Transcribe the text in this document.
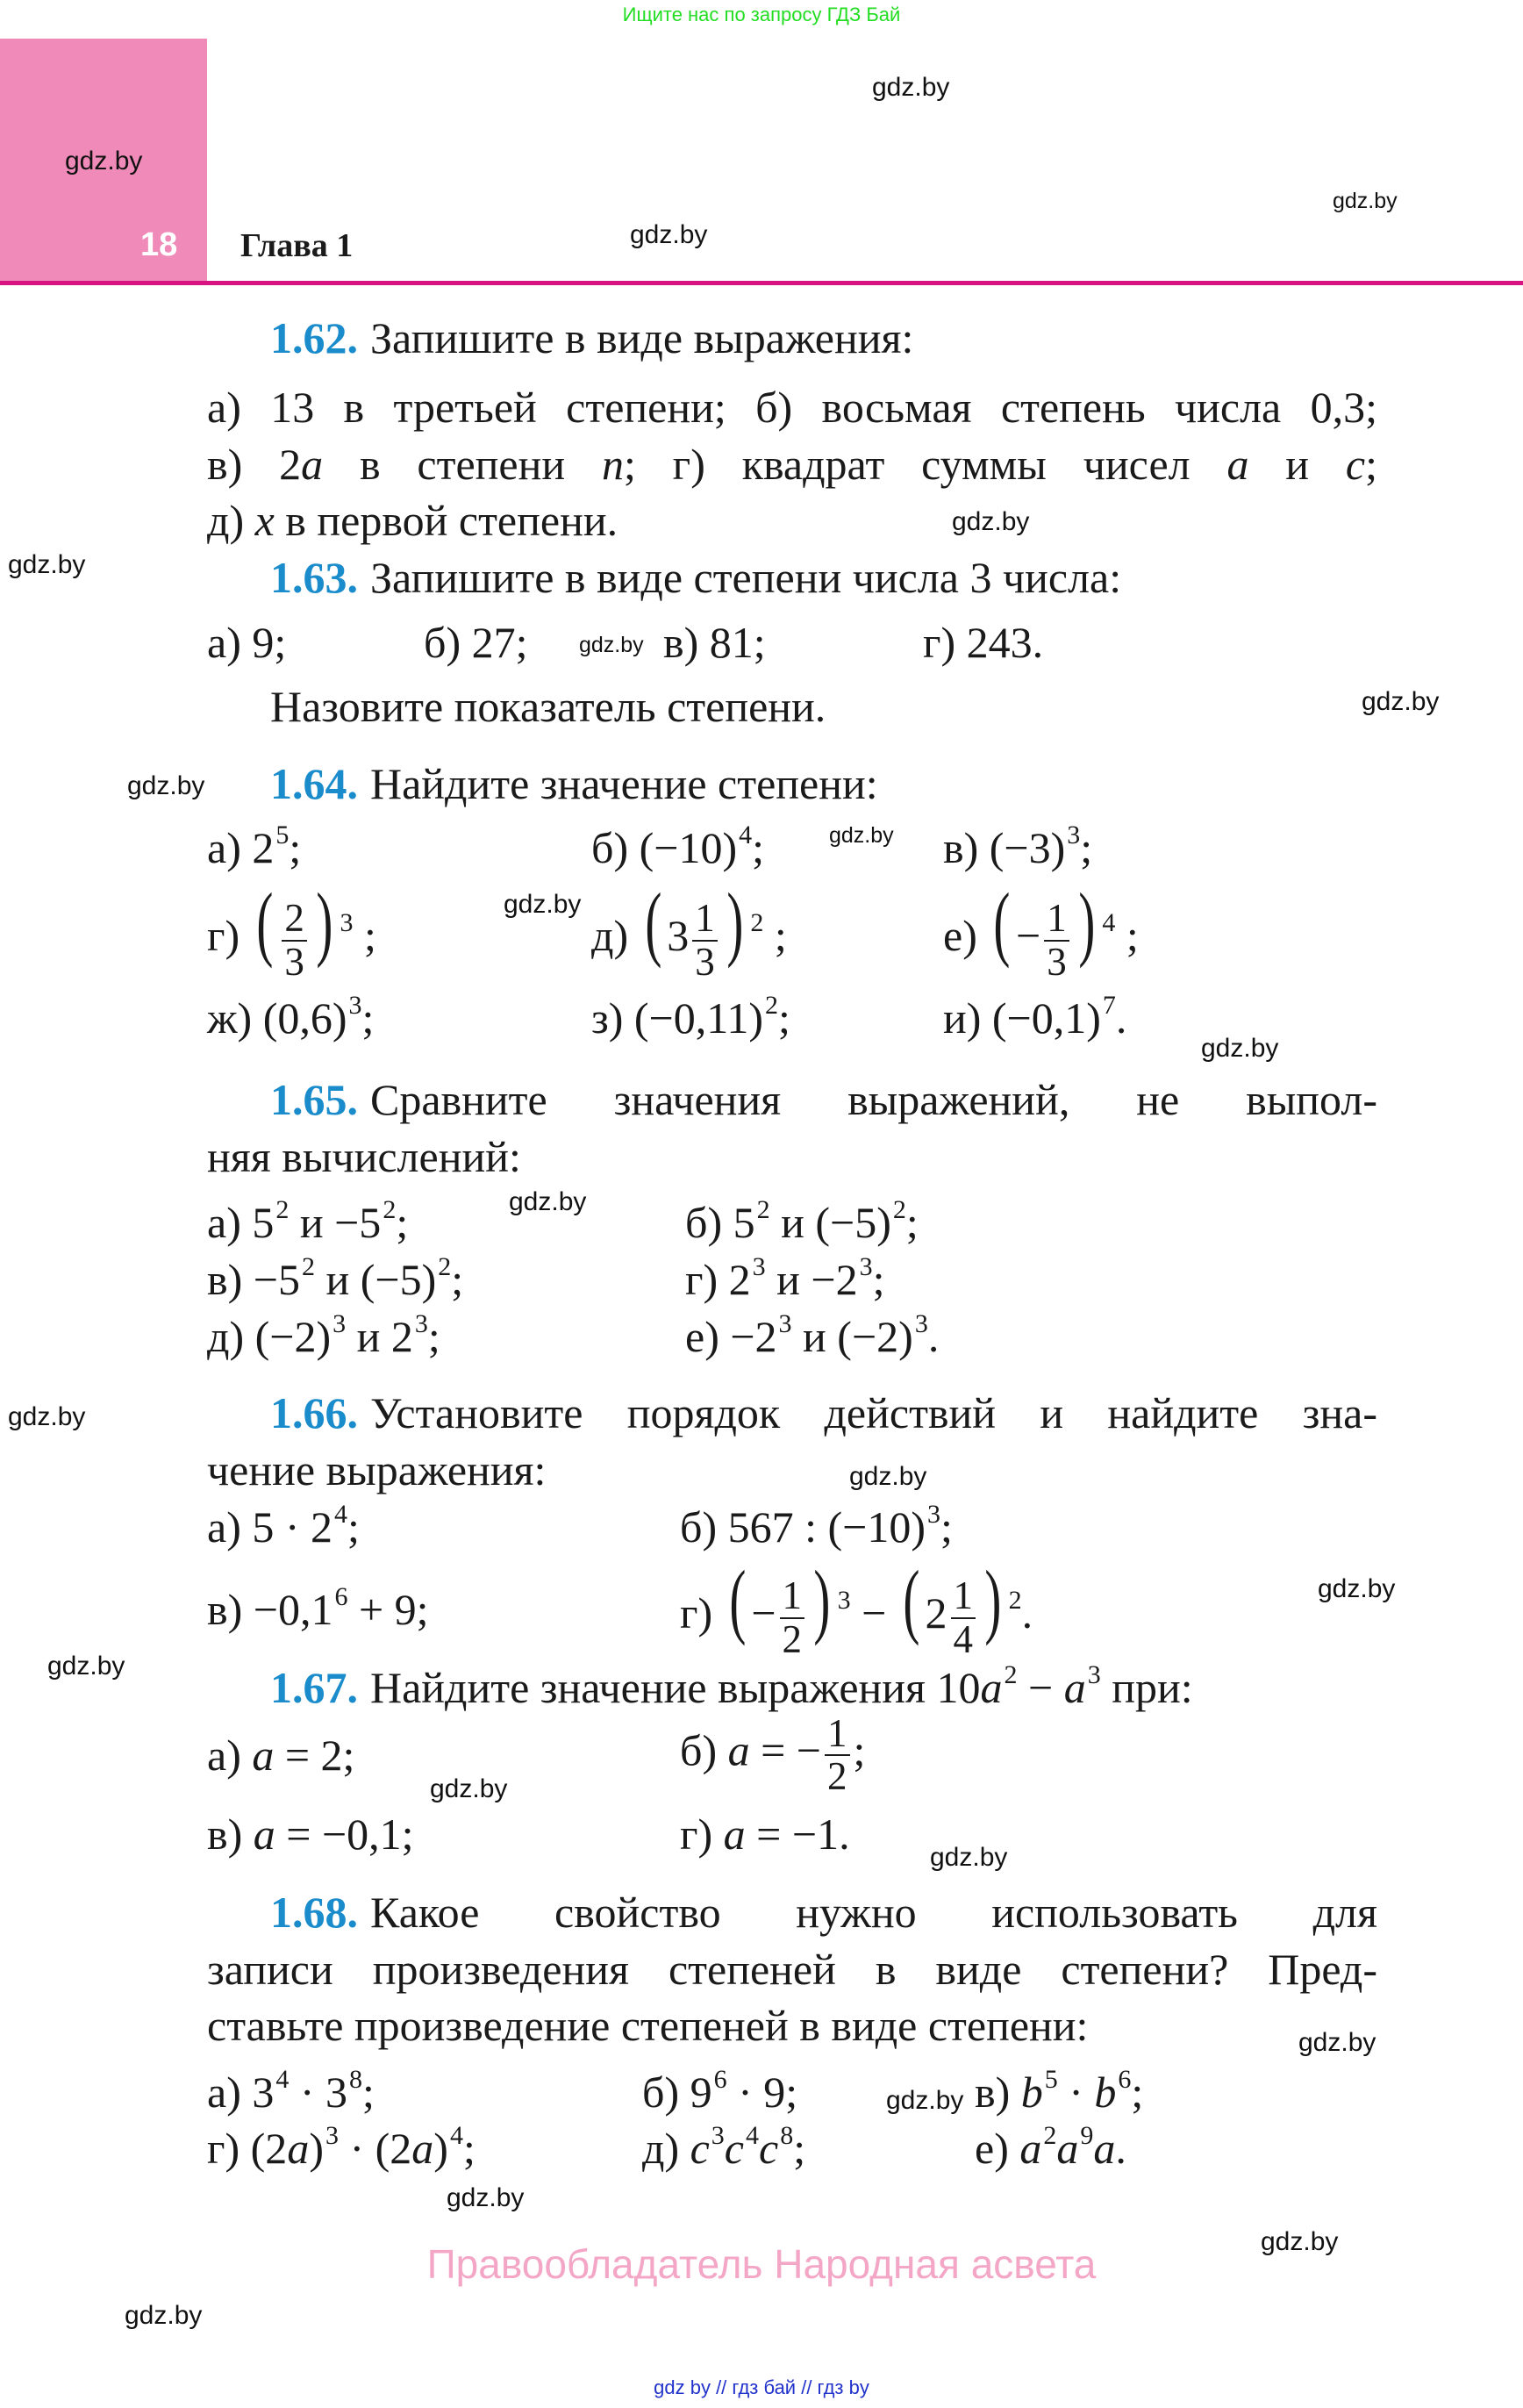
Ищите нас по запросу ГДЗ Бай
18 Глава 1
gdz.by
gdz.by
gdz.by
gdz.by
gdz.by
gdz.by
gdz.by
gdz.by
gdz.by
gdz.by
gdz.by
gdz.by
gdz.by
gdz.by
gdz.by
gdz.by
gdz.by
gdz.by
gdz.by
gdz.by
gdz.by
gdz.by
gdz.by
gdz.by
1.62. Запишите в виде выражения:
а) 13 в третьей степени; б) восьмая степень числа 0,3;
в) 2a в степени n; г) квадрат суммы чисел a и c;
д) x в первой степени.
1.63. Запишите в виде степени числа 3 числа:
а) 9;	б) 27;	в) 81;	г) 243.
Назовите показатель степени.
1.64. Найдите значение степени:
а) $2^5$;	б) $(-10)^4$;	в) $(-3)^3$;
г) ( $\frac{2}{3}$ ) $^3$ ;	д) ( $3 \frac{1}{3}$ ) $^2$ ;	е) ( − $\frac{1}{3}$ ) $^4$ ;
ж) $(0,6)^3$;	з) $(-0,11)^2$;	и) $(-0,1)^7$.
1.65. Сравните значения выражений, не выпол-
няя вычислений:
а) $5^2$ $и -5^2$;	б) $5^2$ и $(-5)^2$;
$в) -5^2$ и $(-5)^2$;	г) $2^3$ $и -2^3$;
д) $(-2)^3$ и $2^3$;	$е) -2^3$ и $(-2)^3$.
1.66. Установите порядок действий и найдите зна-
чение выражения:
а) $5 \cdot 2^4$;	б) 567 : $(-10)^3$;
$в) -0,1^6 + 9$;	г) ( − $\frac{1}{2}$ ) $^3$ − ( $2 \frac{1}{4}$ ) $^2$.
1.67. Найдите значение выражения $10a^2 - a^3$ при:
а) a = 2;	б) a = − $\frac{1}{2}$ ;
в) a = −0,1;	г) a = −1.
1.68. Какое свойство нужно использовать для
записи произведения степеней в виде степени? Пред-
ставьте произведение степеней в виде степени:
а) $3^4 \cdot 3^8$;	б) $9^6 \cdot 9$;	в) $b^5 \cdot b^6$;
г) $(2a)^3 \cdot (2a)^4$;	д) $c^3c^4c^8$;	е) $a^2a^9a$.
Правообладатель Народная асвета
gdz by // гдз бай // гдз by
